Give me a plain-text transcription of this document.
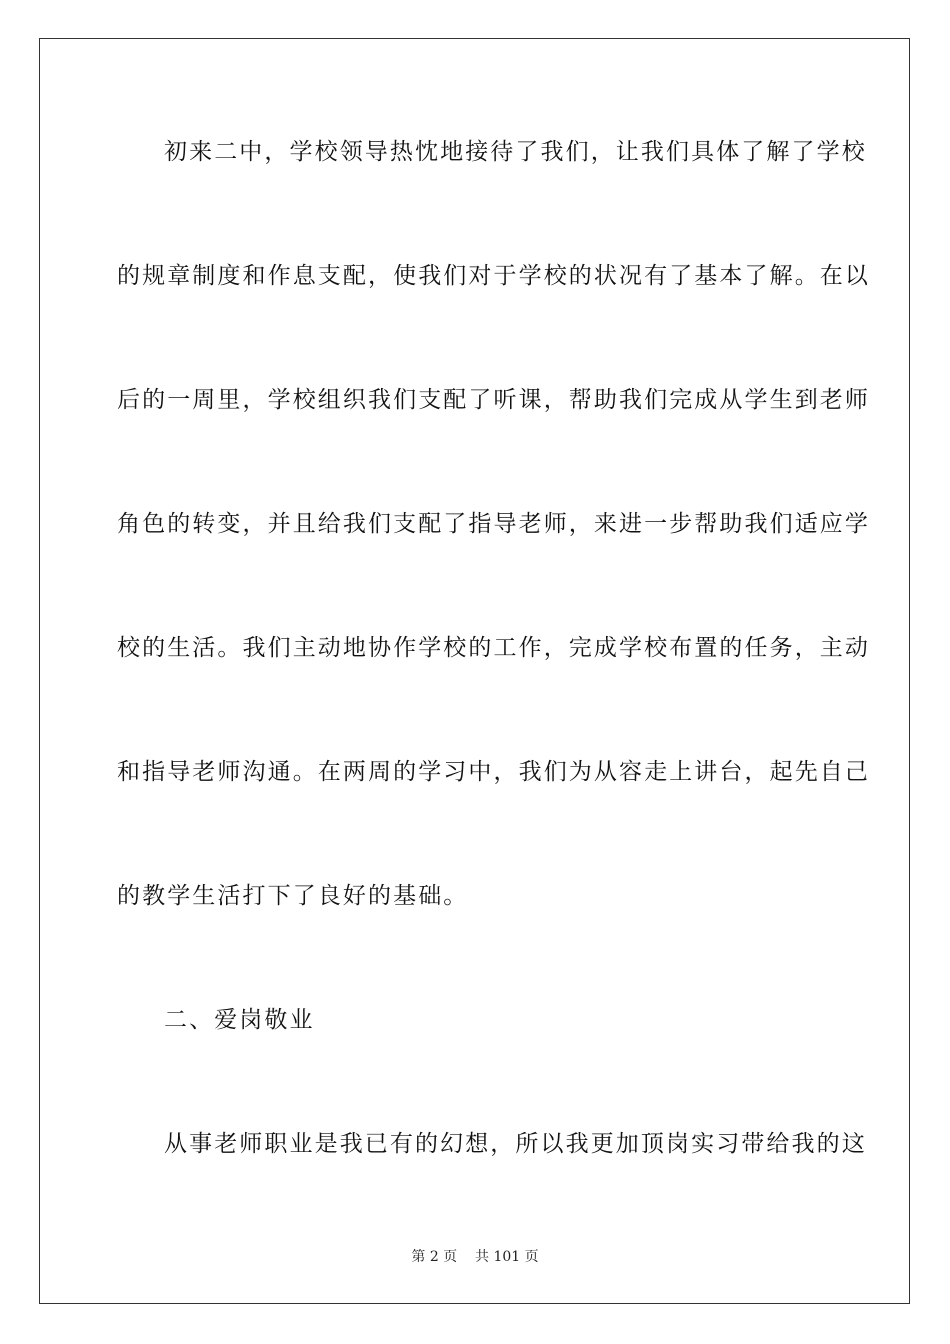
初来二中，学校领导热忱地接待了我们，让我们具体了解了学校
的规章制度和作息支配，使我们对于学校的状况有了基本了解。在以
后的一周里，学校组织我们支配了听课，帮助我们完成从学生到老师
角色的转变，并且给我们支配了指导老师，来进一步帮助我们适应学
校的生活。我们主动地协作学校的工作，完成学校布置的任务，主动
和指导老师沟通。在两周的学习中，我们为从容走上讲台，起先自己
的教学生活打下了良好的基础。
二、爱岗敬业
从事老师职业是我已有的幻想，所以我更加顶岗实习带给我的这
第 2 页 共 101 页
